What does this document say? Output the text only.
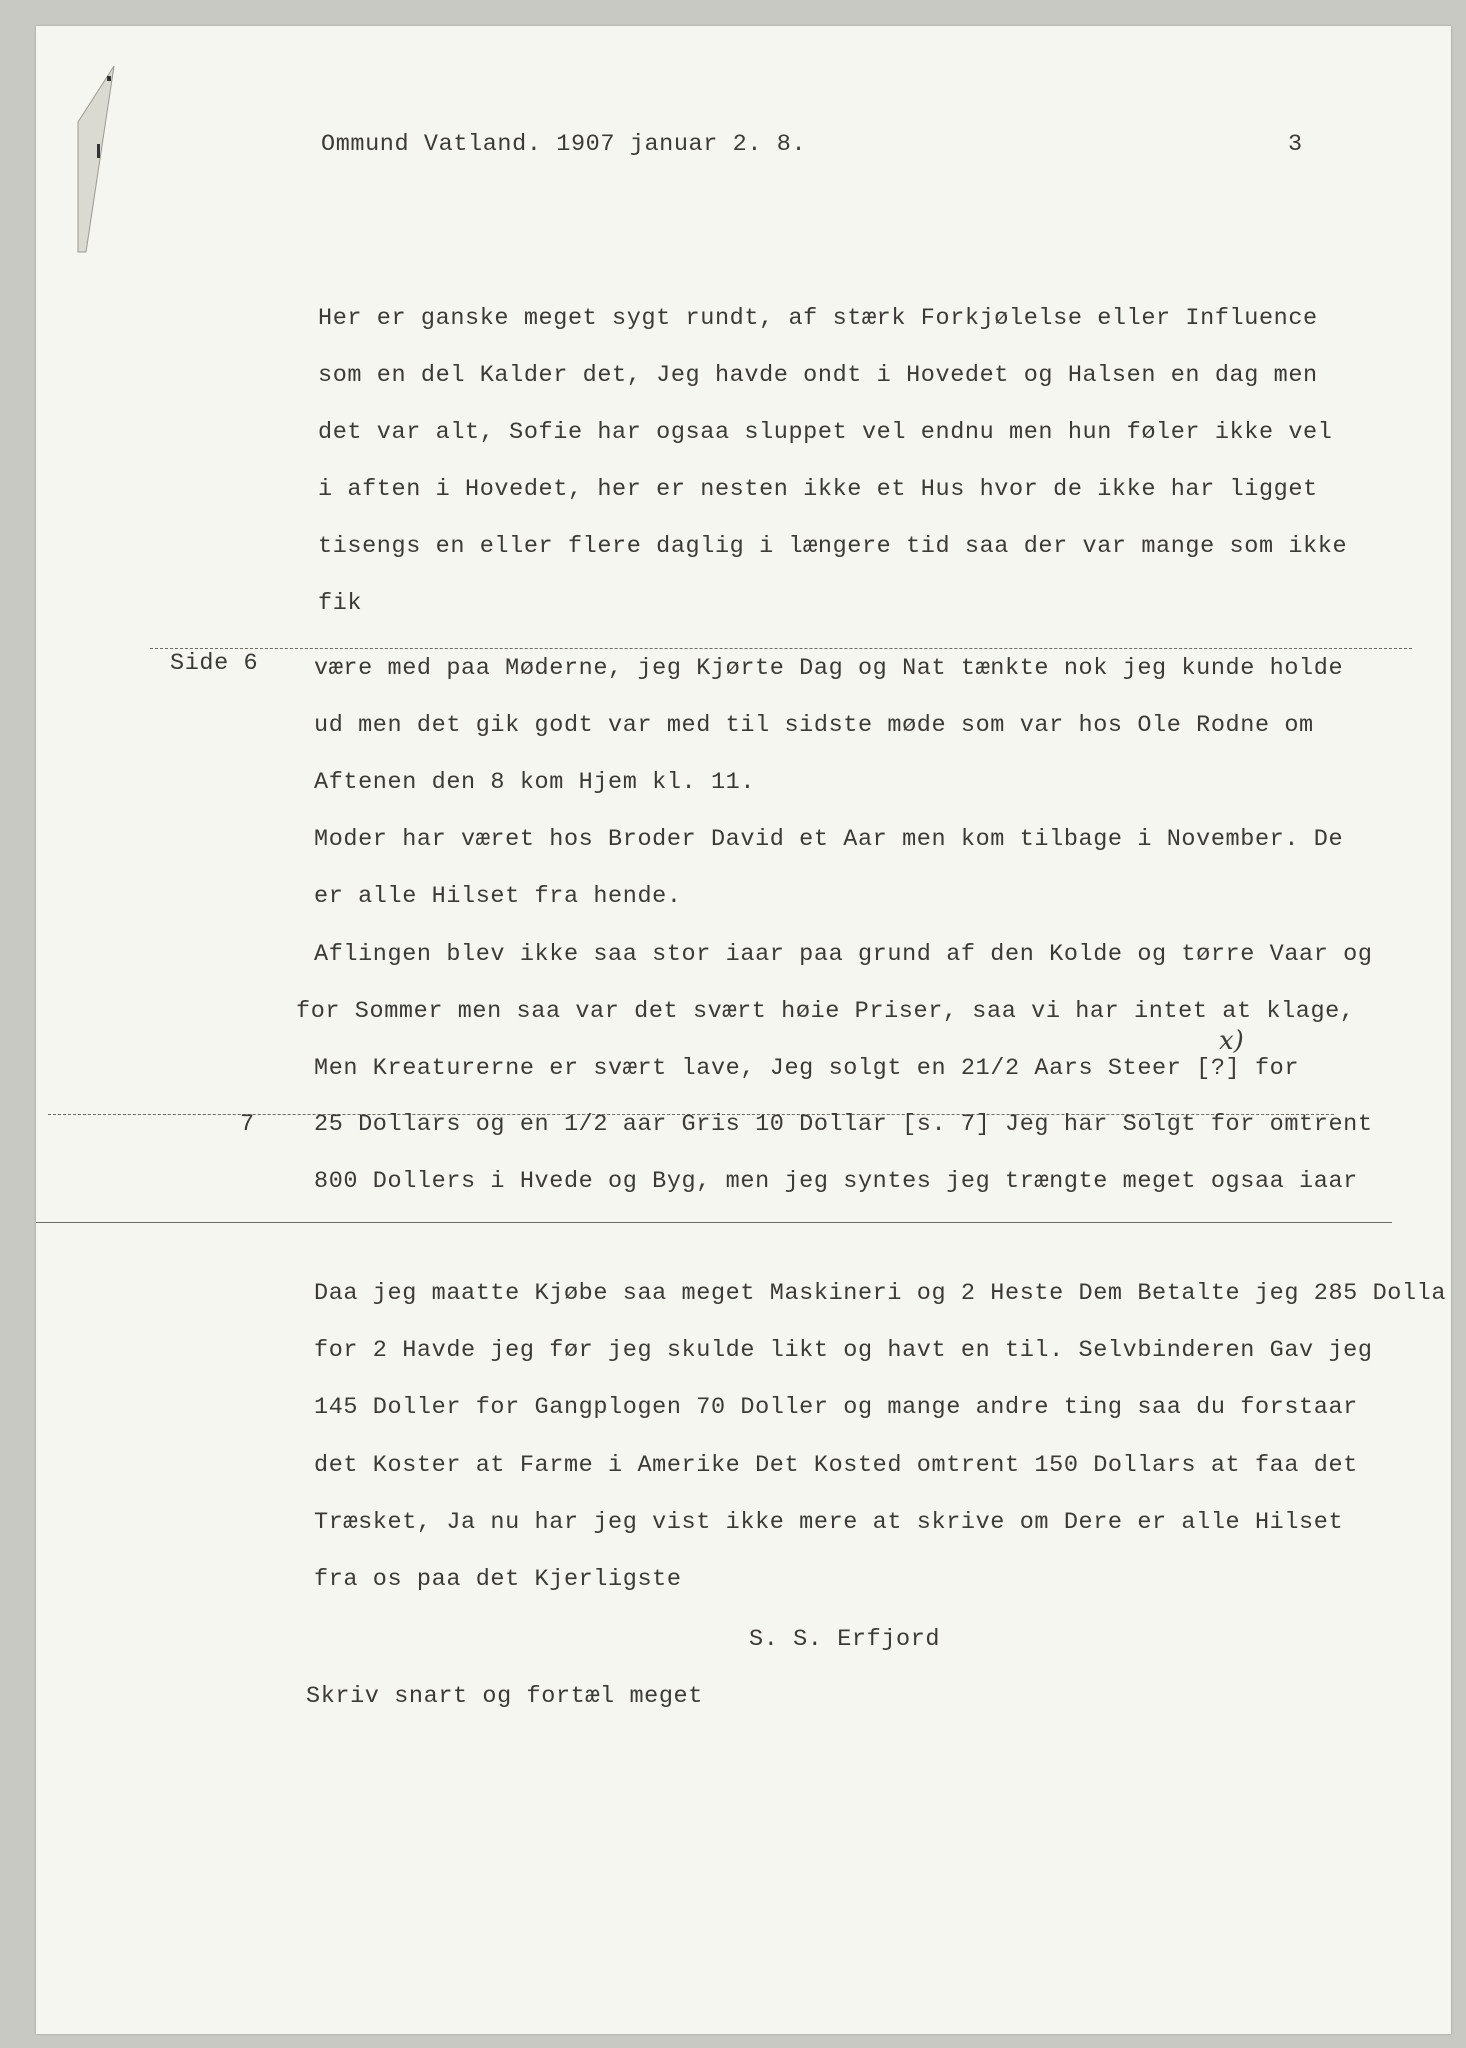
Ommund Vatland. 1907 januar 2. 8.	3
Her er ganske meget sygt rundt, af stærk Forkjølelse eller Influence
som en del Kalder det, Jeg havde ondt i Hovedet og Halsen en dag men
det var alt, Sofie har ogsaa sluppet vel endnu men hun føler ikke vel
i aften i Hovedet, her er nesten ikke et Hus hvor de ikke har ligget
tisengs en eller flere daglig i længere tid saa der var mange som ikke
fik
Side 6 være med paa Møderne, jeg Kjørte Dag og Nat tænkte nok jeg kunde holde
ud men det gik godt var med til sidste møde som var hos Ole Rodne om
Aftenen den 8 kom Hjem kl. 11.
Moder har været hos Broder David et Aar men kom tilbage i November. De
er alle Hilset fra hende.
Aflingen blev ikke saa stor iaar paa grund af den Kolde og tørre Vaar og
for Sommer men saa var det svært høie Priser, saa vi har intet at klage,
Men Kreaturerne er svært lave, Jeg solgt en 21/2 Aars Steer [?] for
x)
7	25 Dollars og en 1/2 aar Gris 10 Dollar [s. 7] Jeg har Solgt for omtrent
800 Dollers i Hvede og Byg, men jeg syntes jeg trængte meget ogsaa iaar
Daa jeg maatte Kjøbe saa meget Maskineri og 2 Heste Dem Betalte jeg 285 Dolla
for 2 Havde jeg før jeg skulde likt og havt en til. Selvbinderen Gav jeg
145 Doller for Gangplogen 70 Doller og mange andre ting saa du forstaar
det Koster at Farme i Amerike Det Kosted omtrent 150 Dollars at faa det
Træsket, Ja nu har jeg vist ikke mere at skrive om Dere er alle Hilset
fra os paa det Kjerligste
S. S. Erfjord
Skriv snart og fortæl meget
